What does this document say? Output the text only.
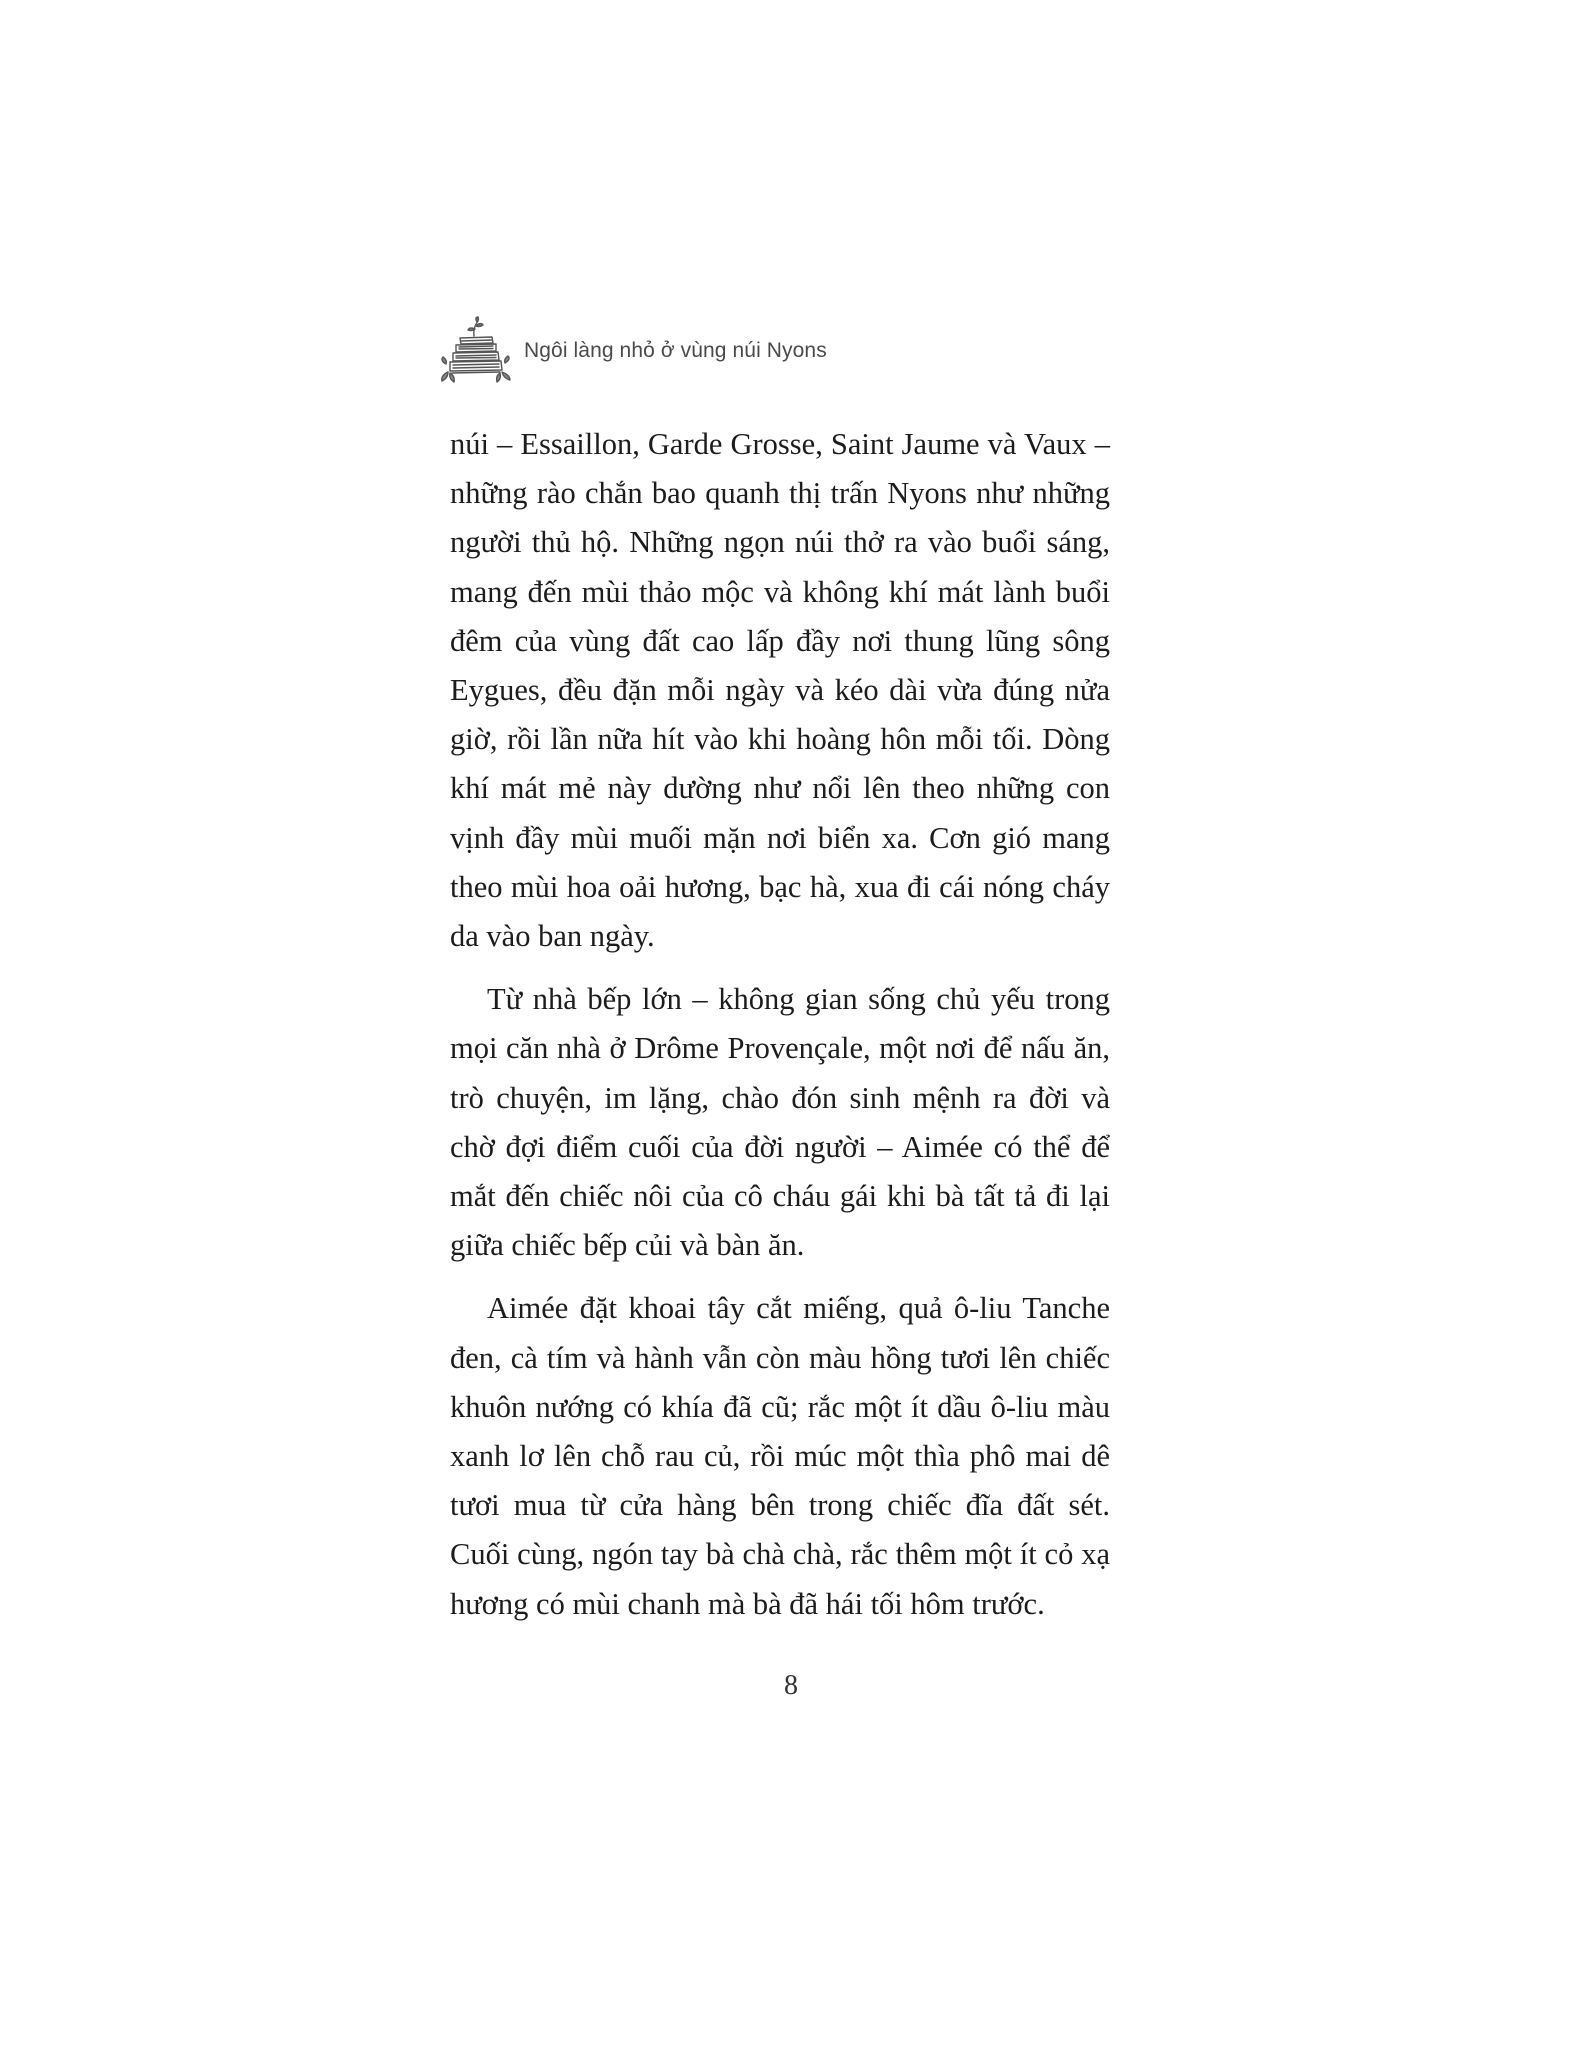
Ngôi làng nhỏ ở vùng núi Nyons

núi – Essaillon, Garde Grosse, Saint Jaume và Vaux – những rào chắn bao quanh thị trấn Nyons như những người thủ hộ. Những ngọn núi thở ra vào buổi sáng, mang đến mùi thảo mộc và không khí mát lành buổi đêm của vùng đất cao lấp đầy nơi thung lũng sông Eygues, đều đặn mỗi ngày và kéo dài vừa đúng nửa giờ, rồi lần nữa hít vào khi hoàng hôn mỗi tối. Dòng khí mát mẻ này dường như nổi lên theo những con vịnh đầy mùi muối mặn nơi biển xa. Cơn gió mang theo mùi hoa oải hương, bạc hà, xua đi cái nóng cháy da vào ban ngày.

Từ nhà bếp lớn – không gian sống chủ yếu trong mọi căn nhà ở Drôme Provençale, một nơi để nấu ăn, trò chuyện, im lặng, chào đón sinh mệnh ra đời và chờ đợi điểm cuối của đời người – Aimée có thể để mắt đến chiếc nôi của cô cháu gái khi bà tất tả đi lại giữa chiếc bếp củi và bàn ăn.

Aimée đặt khoai tây cắt miếng, quả ô-liu Tanche đen, cà tím và hành vẫn còn màu hồng tươi lên chiếc khuôn nướng có khía đã cũ; rắc một ít dầu ô-liu màu xanh lơ lên chỗ rau củ, rồi múc một thìa phô mai dê tươi mua từ cửa hàng bên trong chiếc đĩa đất sét. Cuối cùng, ngón tay bà chà chà, rắc thêm một ít cỏ xạ hương có mùi chanh mà bà đã hái tối hôm trước.

8
